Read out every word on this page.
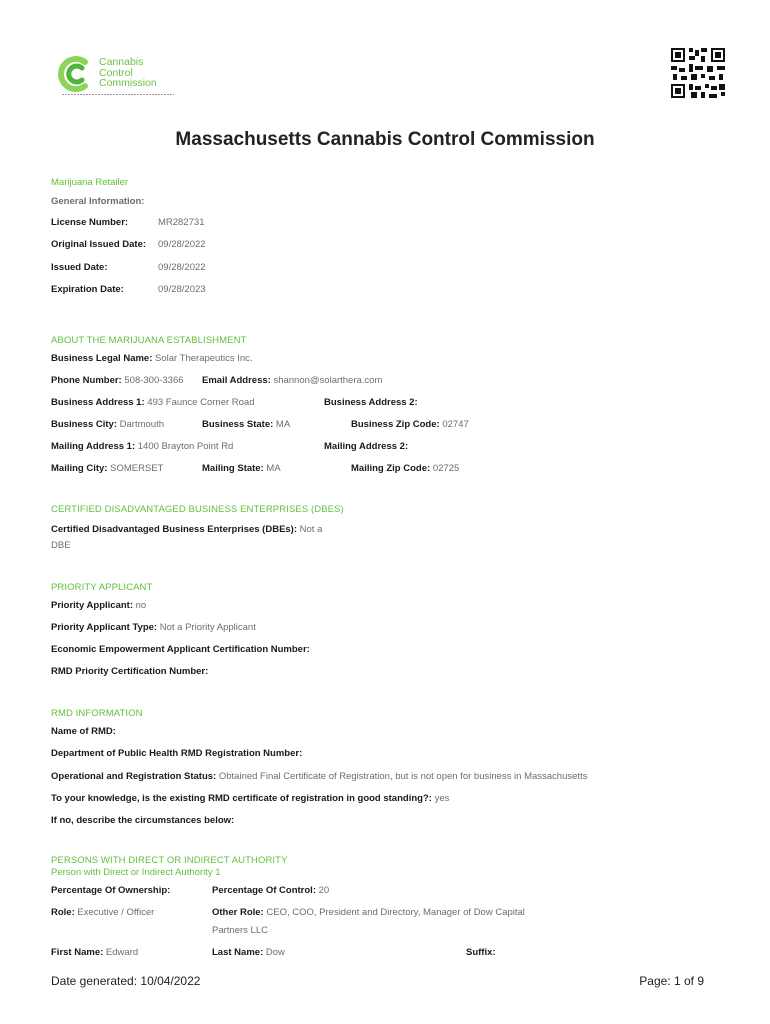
Cannabis
Control
Commission
Massachusetts Cannabis Control Commission
Marijuana Retailer
General Information:
License Number:	MR282731
Original Issued Date: 09/28/2022
Issued Date:	09/28/2022
Expiration Date:	09/28/2023
ABOUT THE MARIJUANA ESTABLISHMENT
Business Legal Name: Solar Therapeutics Inc.
Phone Number: 508-300-3366 Email Address: shannon@solarthera.com
Business Address 1: 493 Faunce Corner Road	Business Address 2:
Business City: Dartmouth	Business State: MA	Business Zip Code: 02747
Mailing Address 1: 1400 Brayton Point Rd	Mailing Address 2:
Mailing City: SOMERSET	Mailing State: MA	Mailing Zip Code: 02725
CERTIFIED DISADVANTAGED BUSINESS ENTERPRISES (DBES)
Certified Disadvantaged Business Enterprises (DBEs): Not a
DBE
PRIORITY APPLICANT
Priority Applicant: no
Priority Applicant Type: Not a Priority Applicant
Economic Empowerment Applicant Certification Number:
RMD Priority Certification Number:
RMD INFORMATION
Name of RMD:
Department of Public Health RMD Registration Number:
Operational and Registration Status: Obtained Final Certificate of Registration, but is not open for business in Massachusetts
To your knowledge, is the existing RMD certificate of registration in good standing?: yes
If no, describe the circumstances below:
PERSONS WITH DIRECT OR INDIRECT AUTHORITY
Person with Direct or Indirect Authority 1
Percentage Of Ownership:	Percentage Of Control: 20
Role: Executive / Officer	Other Role: CEO, COO, President and Directory, Manager of Dow Capital
Partners LLC
First Name: Edward	Last Name: Dow	Suffix:
Date generated: 10/04/2022	Page: 1 of 9
